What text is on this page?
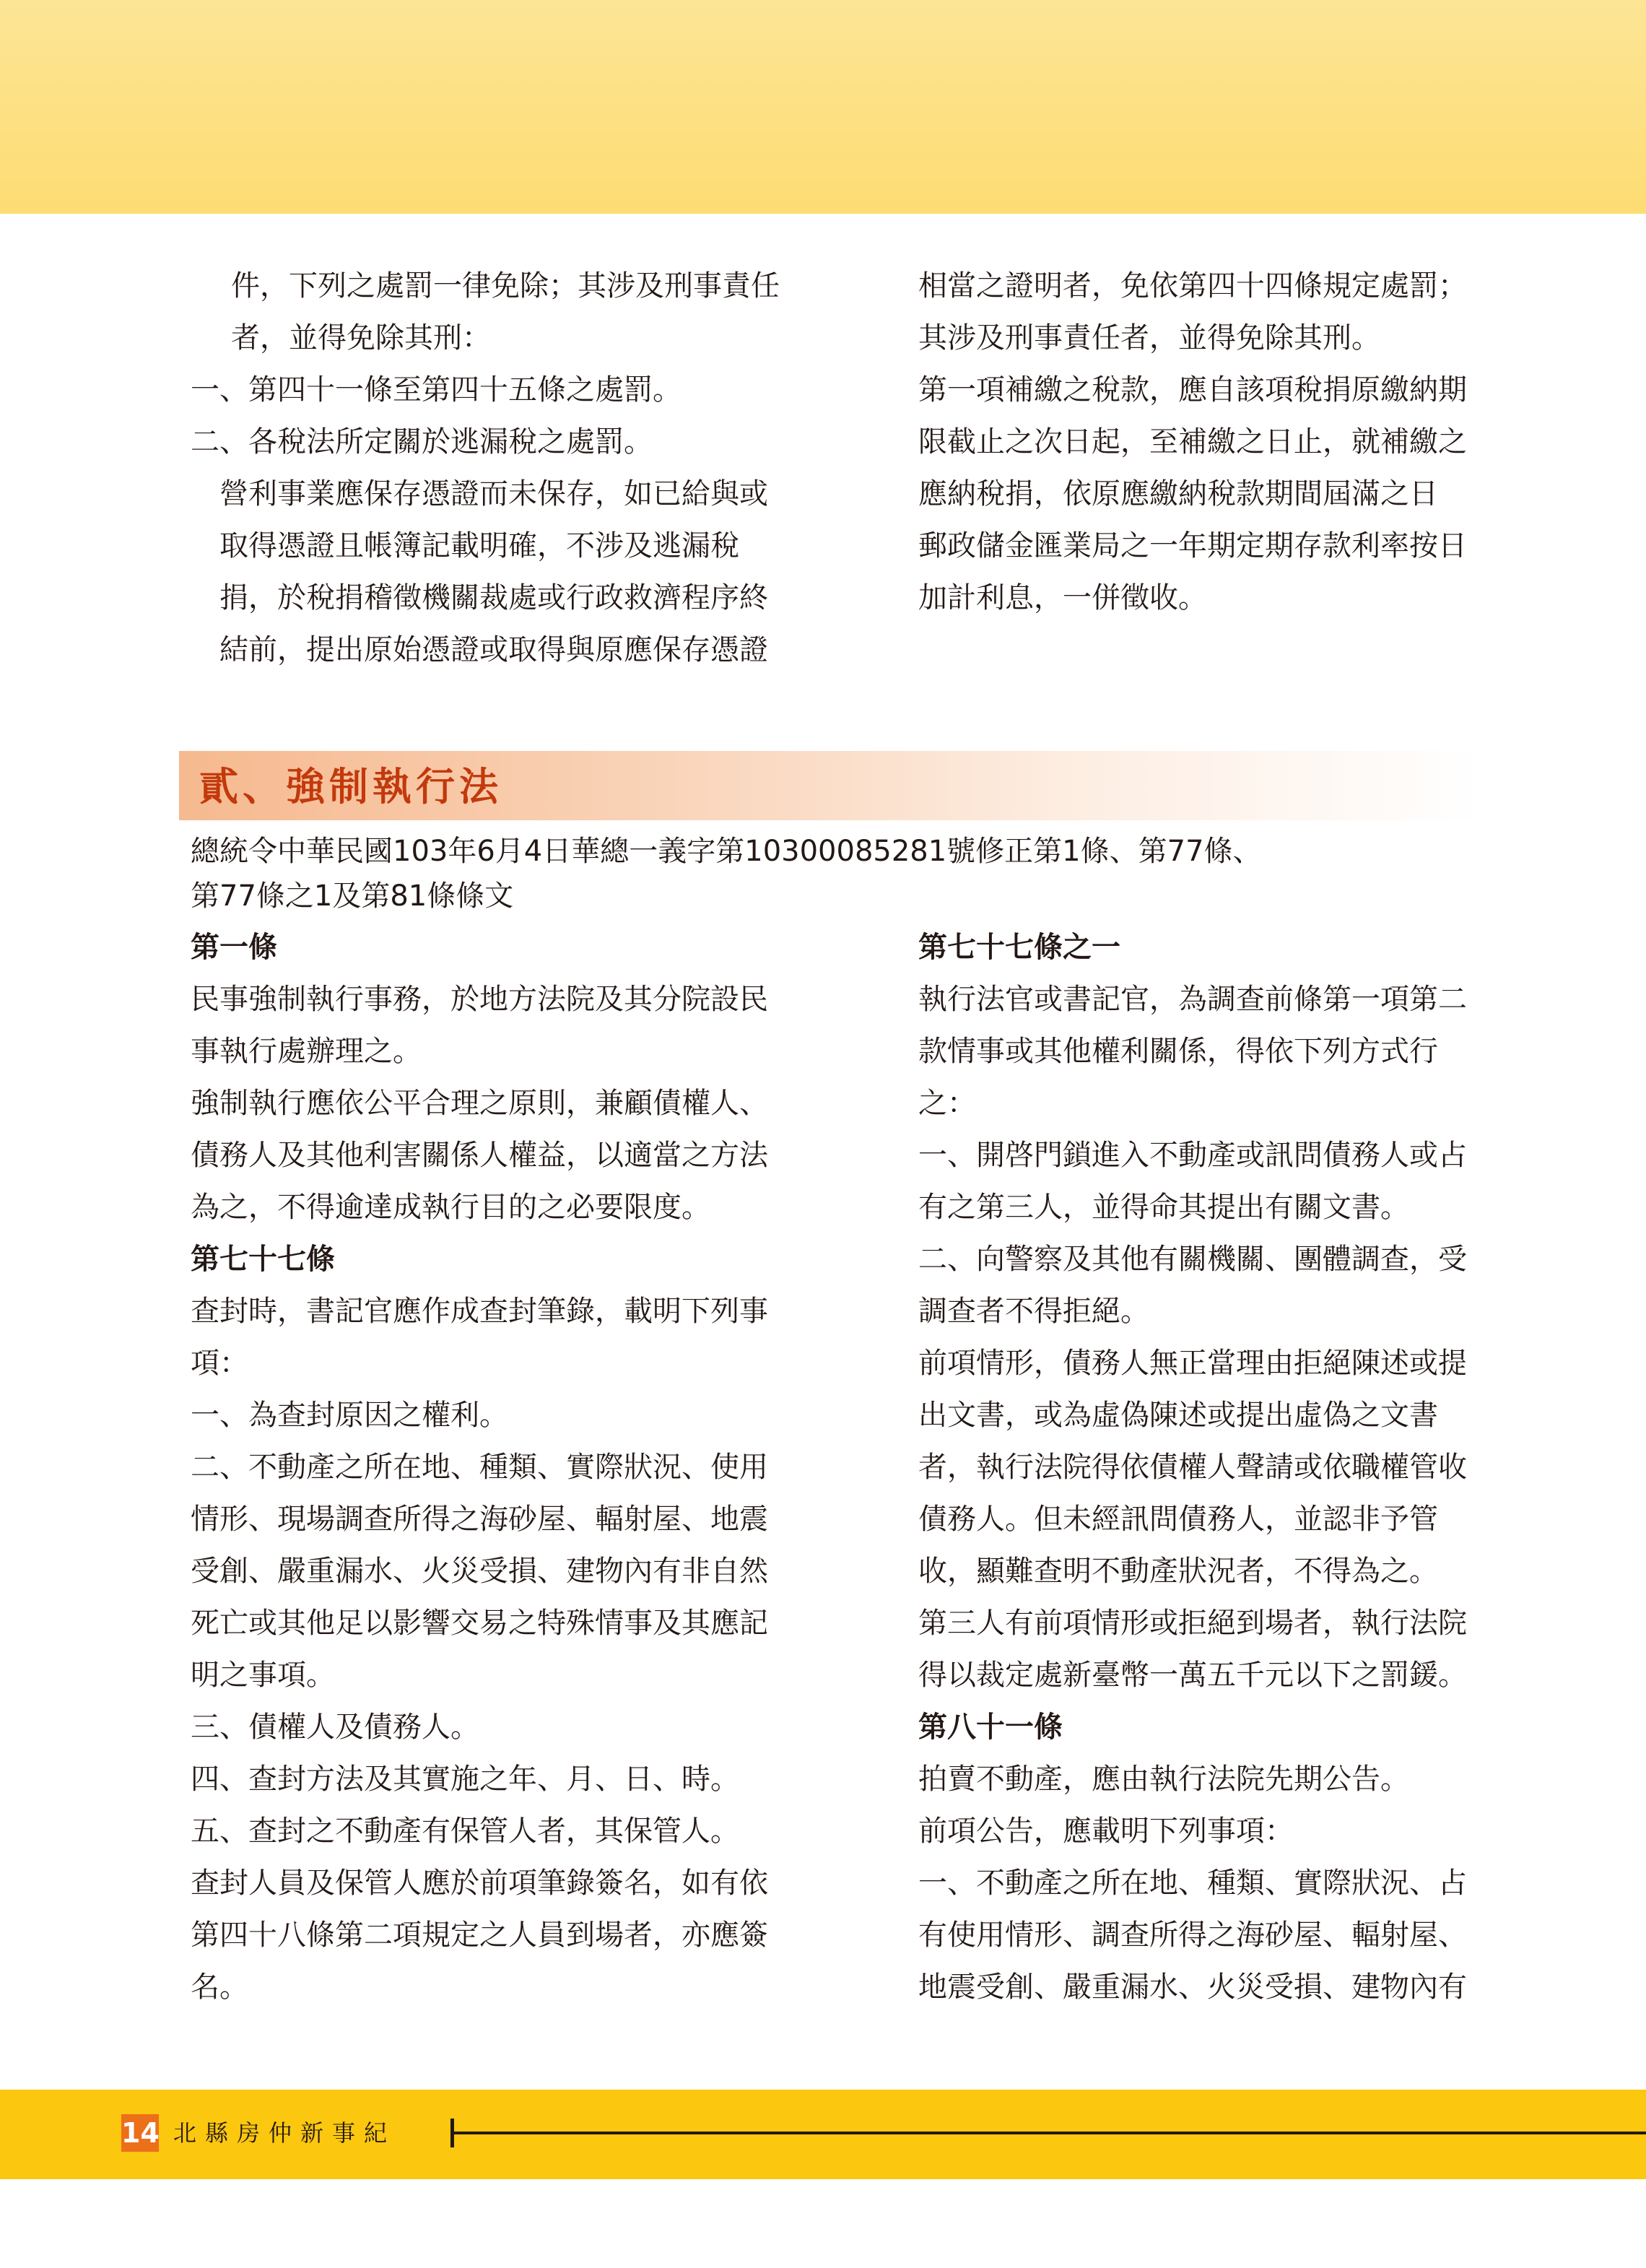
件，下列之處罰一律免除；其涉及刑事責任

者，並得免除其刑：

一、第四十一條至第四十五條之處罰。

二、各稅法所定關於逃漏稅之處罰。

營利事業應保存憑證而未保存，如已給與或

取得憑證且帳簿記載明確，不涉及逃漏稅

捐，於稅捐稽徵機關裁處或行政救濟程序終

結前，提出原始憑證或取得與原應保存憑證

相當之證明者，免依第四十四條規定處罰；

其涉及刑事責任者，並得免除其刑。

第一項補繳之稅款，應自該項稅捐原繳納期

限截止之次日起，至補繳之日止，就補繳之

應納稅捐，依原應繳納稅款期間屆滿之日

郵政儲金匯業局之一年期定期存款利率按日

加計利息，一併徵收。

貳、強制執行法

總統令中華民國103年6月4日華總一義字第10300085281號修正第1條、第77條、

第77條之1及第81條條文

第一條

民事強制執行事務，於地方法院及其分院設民

事執行處辦理之。

強制執行應依公平合理之原則，兼顧債權人、

債務人及其他利害關係人權益，以適當之方法

為之，不得逾達成執行目的之必要限度。

第七十七條

查封時，書記官應作成查封筆錄，載明下列事

項：

一、為查封原因之權利。

二、不動產之所在地、種類、實際狀況、使用

情形、現場調查所得之海砂屋、輻射屋、地震

受創、嚴重漏水、火災受損、建物內有非自然

死亡或其他足以影響交易之特殊情事及其應記

明之事項。

三、債權人及債務人。

四、查封方法及其實施之年、月、日、時。

五、查封之不動產有保管人者，其保管人。

查封人員及保管人應於前項筆錄簽名，如有依

第四十八條第二項規定之人員到場者，亦應簽

名。

第七十七條之一

執行法官或書記官，為調查前條第一項第二

款情事或其他權利關係，得依下列方式行

之：

一、開啓門鎖進入不動產或訊問債務人或占

有之第三人，並得命其提出有關文書。

二、向警察及其他有關機關、團體調查，受

調查者不得拒絕。

前項情形，債務人無正當理由拒絕陳述或提

出文書，或為虛偽陳述或提出虛偽之文書

者，執行法院得依債權人聲請或依職權管收

債務人。但未經訊問債務人，並認非予管

收，顯難查明不動產狀況者，不得為之。

第三人有前項情形或拒絕到場者，執行法院

得以裁定處新臺幣一萬五千元以下之罰鍰。

第八十一條

拍賣不動產，應由執行法院先期公告。

前項公告，應載明下列事項：

一、不動產之所在地、種類、實際狀況、占

有使用情形、調查所得之海砂屋、輻射屋、

地震受創、嚴重漏水、火災受損、建物內有

14 北縣房仲新事紀
